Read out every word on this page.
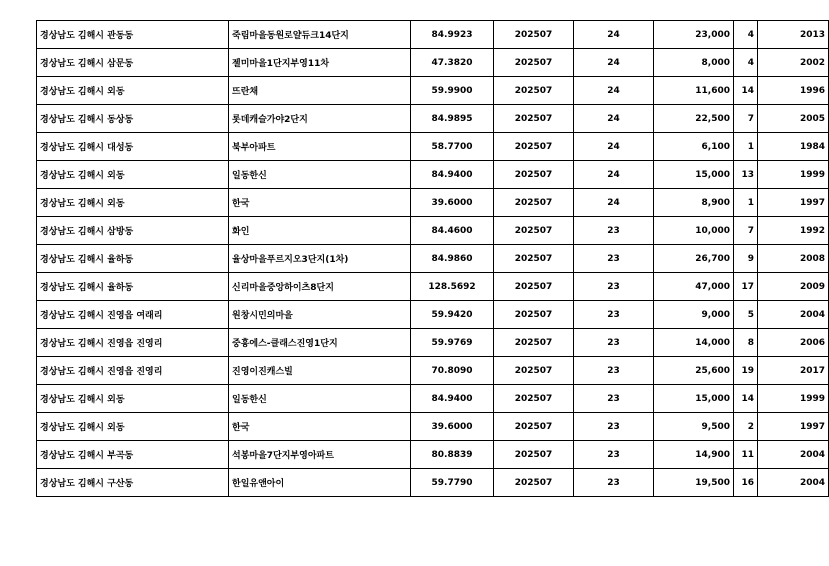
경상남도 김해시 관동동	죽림마을동원로얄듀크14단지	84.9923	202507	24	23,000	4	2013
경상남도 김해시 삼문동	젤미마을1단지부영11차	47.3820	202507	24	8,000	4	2002
경상남도 김해시 외동	뜨란채	59.9900	202507	24	11,600	14	1996
경상남도 김해시 동상동	롯데캐슬가야2단지	84.9895	202507	24	22,500	7	2005
경상남도 김해시 대성동	북부아파트	58.7700	202507	24	6,100	1	1984
경상남도 김해시 외동	일동한신	84.9400	202507	24	15,000	13	1999
경상남도 김해시 외동	한국	39.6000	202507	24	8,900	1	1997
경상남도 김해시 삼방동	화인	84.4600	202507	23	10,000	7	1992
경상남도 김해시 율하동	율상마을푸르지오3단지(1차)	84.9860	202507	23	26,700	9	2008
경상남도 김해시 율하동	신리마을중앙하이츠8단지	128.5692	202507	23	47,000	17	2009
경상남도 김해시 진영읍 여래리	원창시민의마을	59.9420	202507	23	9,000	5	2004
경상남도 김해시 진영읍 진영리	중흥에스-클래스진영1단지	59.9769	202507	23	14,000	8	2006
경상남도 김해시 진영읍 진영리	진영이진캐스빌	70.8090	202507	23	25,600	19	2017
경상남도 김해시 외동	일동한신	84.9400	202507	23	15,000	14	1999
경상남도 김해시 외동	한국	39.6000	202507	23	9,500	2	1997
경상남도 김해시 부곡동	석봉마을7단지부영아파트	80.8839	202507	23	14,900	11	2004
경상남도 김해시 구산동	한일유앤아이	59.7790	202507	23	19,500	16	2004
